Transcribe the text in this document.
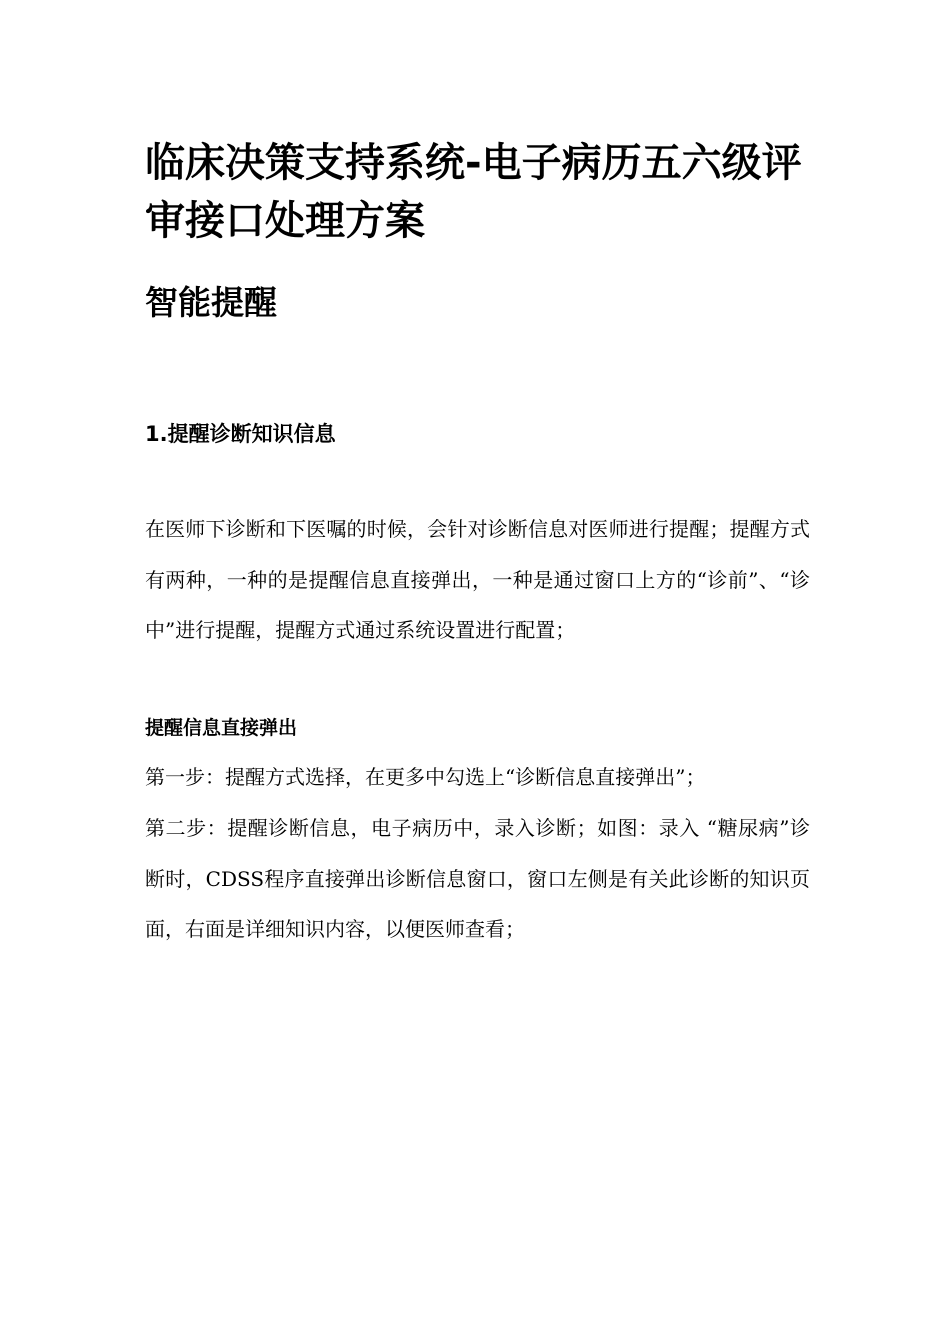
临床决策支持系统-电子病历五六级评审接口处理方案
智能提醒
1.提醒诊断知识信息

在医师下诊断和下医嘱的时候，会针对诊断信息对医师进行提醒；提醒方式有两种，一种的是提醒信息直接弹出，一种是通过窗口上方的“诊前”、“诊中”进行提醒，提醒方式通过系统设置进行配置；

提醒信息直接弹出

第一步：提醒方式选择，在更多中勾选上“诊断信息直接弹出”；

第二步：提醒诊断信息，电子病历中，录入诊断；如图：录入 “糖尿病”诊断时，CDSS程序直接弹出诊断信息窗口，窗口左侧是有关此诊断的知识页面，右面是详细知识内容，以便医师查看；
